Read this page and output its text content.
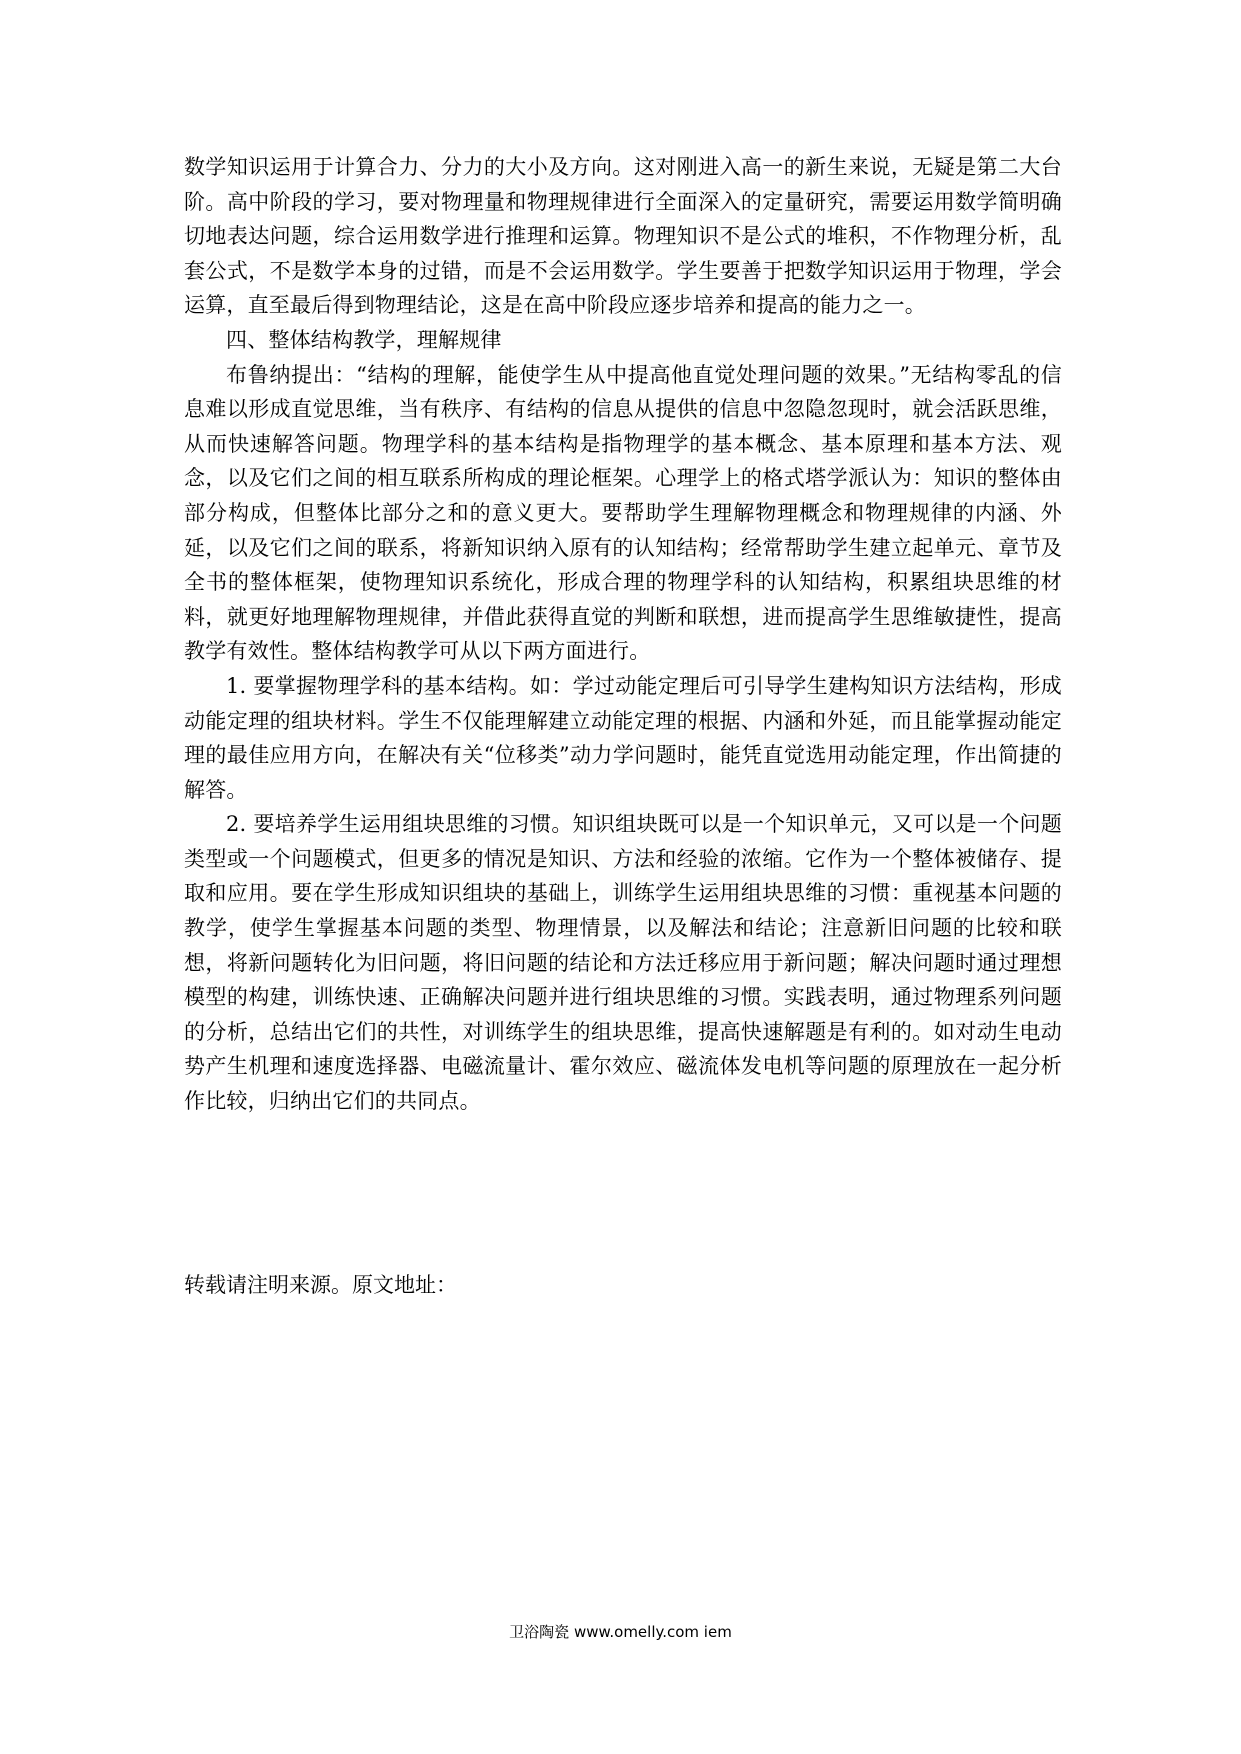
数学知识运用于计算合力、分力的大小及方向。这对刚进入高一的新生来说，无疑是第二大台阶。高中阶段的学习，要对物理量和物理规律进行全面深入的定量研究，需要运用数学简明确切地表达问题，综合运用数学进行推理和运算。物理知识不是公式的堆积，不作物理分析，乱套公式，不是数学本身的过错，而是不会运用数学。学生要善于把数学知识运用于物理，学会运算，直至最后得到物理结论，这是在高中阶段应逐步培养和提高的能力之一。

四、整体结构教学，理解规律

布鲁纳提出：“结构的理解，能使学生从中提高他直觉处理问题的效果。”无结构零乱的信息难以形成直觉思维，当有秩序、有结构的信息从提供的信息中忽隐忽现时，就会活跃思维，从而快速解答问题。物理学科的基本结构是指物理学的基本概念、基本原理和基本方法、观念，以及它们之间的相互联系所构成的理论框架。心理学上的格式塔学派认为：知识的整体由部分构成，但整体比部分之和的意义更大。要帮助学生理解物理概念和物理规律的内涵、外延，以及它们之间的联系，将新知识纳入原有的认知结构；经常帮助学生建立起单元、章节及全书的整体框架，使物理知识系统化，形成合理的物理学科的认知结构，积累组块思维的材料，就更好地理解物理规律，并借此获得直觉的判断和联想，进而提高学生思维敏捷性，提高教学有效性。整体结构教学可从以下两方面进行。

1. 要掌握物理学科的基本结构。如：学过动能定理后可引导学生建构知识方法结构，形成动能定理的组块材料。学生不仅能理解建立动能定理的根据、内涵和外延，而且能掌握动能定理的最佳应用方向，在解决有关“位移类”动力学问题时，能凭直觉选用动能定理，作出简捷的解答。

2. 要培养学生运用组块思维的习惯。知识组块既可以是一个知识单元，又可以是一个问题类型或一个问题模式，但更多的情况是知识、方法和经验的浓缩。它作为一个整体被储存、提取和应用。要在学生形成知识组块的基础上，训练学生运用组块思维的习惯：重视基本问题的教学，使学生掌握基本问题的类型、物理情景，以及解法和结论；注意新旧问题的比较和联想，将新问题转化为旧问题，将旧问题的结论和方法迁移应用于新问题；解决问题时通过理想模型的构建，训练快速、正确解决问题并进行组块思维的习惯。实践表明，通过物理系列问题的分析，总结出它们的共性，对训练学生的组块思维，提高快速解题是有利的。如对动生电动势产生机理和速度选择器、电磁流量计、霍尔效应、磁流体发电机等问题的原理放在一起分析作比较，归纳出它们的共同点。

转载请注明来源。原文地址：

卫浴陶瓷 www.omelly.com iem
